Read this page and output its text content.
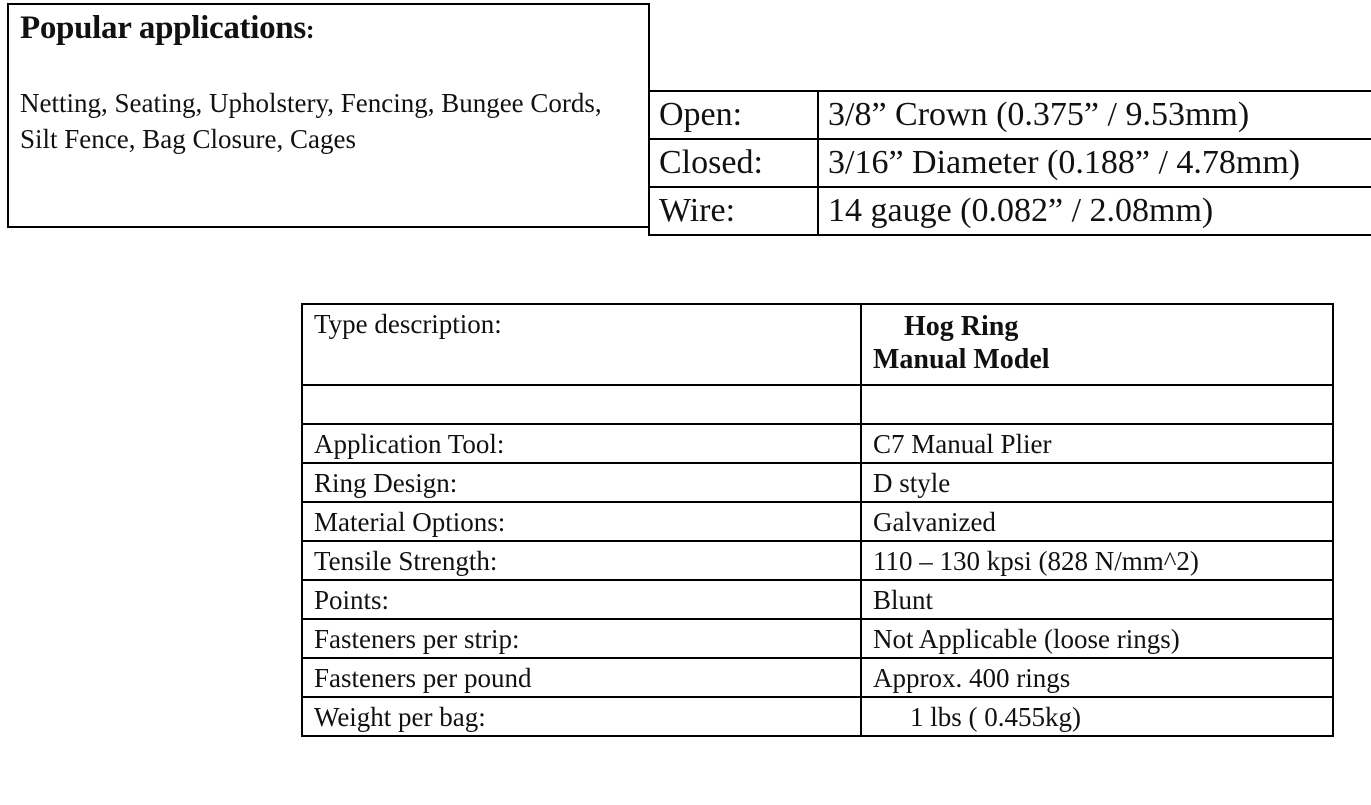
Popular applications:
Netting, Seating, Upholstery, Fencing, Bungee Cords, Silt Fence, Bag Closure, Cages
Open:	3/8” Crown (0.375” / 9.53mm)
Closed:	3/16” Diameter (0.188” / 4.78mm)
Wire:	14 gauge (0.082” / 2.08mm)
Type description:	Hog Ring
Manual Model

Application Tool:	C7 Manual Plier
Ring Design:	D style
Material Options:	Galvanized
Tensile Strength:	110 – 130 kpsi (828 N/mm^2)
Points:	Blunt
Fasteners per strip:	Not Applicable (loose rings)
Fasteners per pound	Approx. 400 rings
Weight per bag:	1 lbs ( 0.455kg)
